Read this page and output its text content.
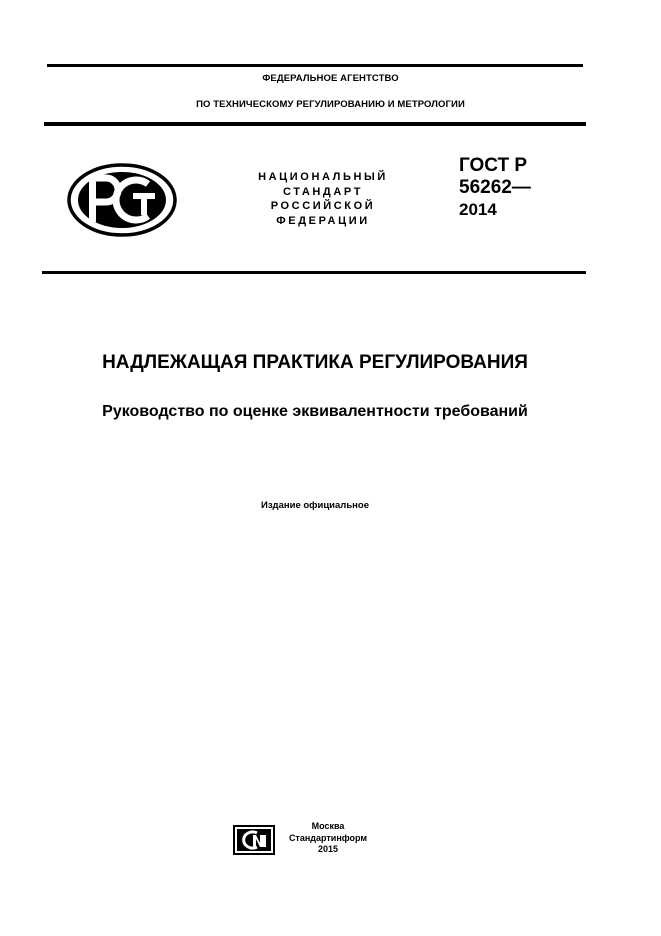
ФЕДЕРАЛЬНОЕ АГЕНТСТВО
ПО ТЕХНИЧЕСКОМУ РЕГУЛИРОВАНИЮ И МЕТРОЛОГИИ
НАЦИОНАЛЬНЫЙ
СТАНДАРТ
РОССИЙСКОЙ
ФЕДЕРАЦИИ
ГОСТ Р
56262—
2014
НАДЛЕЖАЩАЯ ПРАКТИКА РЕГУЛИРОВАНИЯ
Руководство по оценке эквивалентности требований
Издание официальное
Москва
Стандартинформ
2015
